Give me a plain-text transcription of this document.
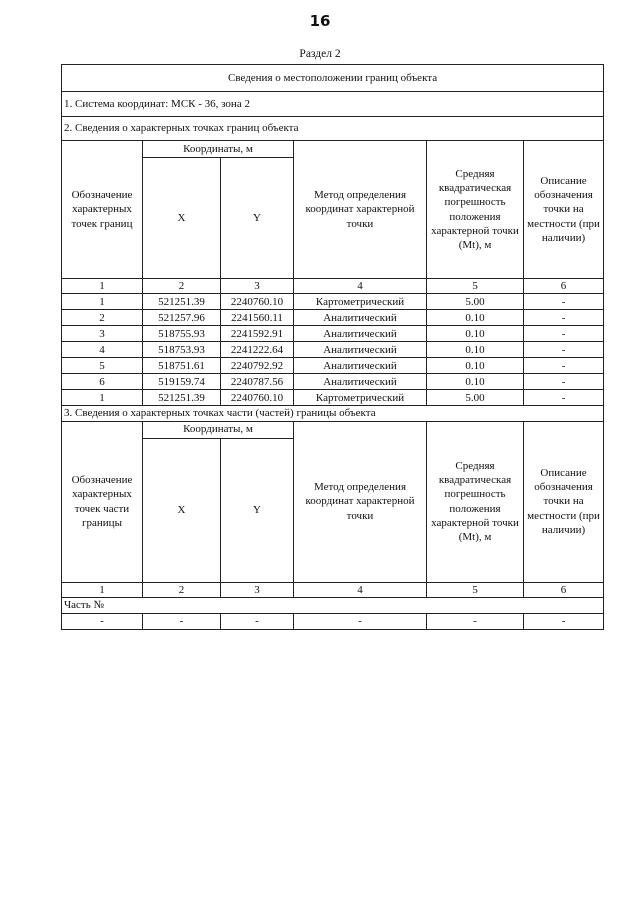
16
Раздел 2
Сведения о местоположении границ объекта					
1. Система координат: МСК - 36, зона 2					
2. Сведения о характерных точках границ объекта					
Обозначение характерных точек границ	Координаты, м		Метод определения координат характерной точки	Средняя квадратическая погрешность положения характерной точки (Mt), м	Описание обозначения точки на местности (при наличии)
	X	Y			
1	2	3	4	5	6
1	521251.39	2240760.10	Картометрический	5.00	-
2	521257.96	2241560.11	Аналитический	0.10	-
3	518755.93	2241592.91	Аналитический	0.10	-
4	518753.93	2241222.64	Аналитический	0.10	-
5	518751.61	2240792.92	Аналитический	0.10	-
6	519159.74	2240787.56	Аналитический	0.10	-
1	521251.39	2240760.10	Картометрический	5.00	-
3. Сведения о характерных точках части (частей) границы объекта					
Обозначение характерных точек части границы	Координаты, м		Метод определения координат характерной точки	Средняя квадратическая погрешность положения характерной точки (Mt), м	Описание обозначения точки на местности (при наличии)
	X	Y			
1	2	3	4	5	6
Часть №					
-	-	-	-	-	-
